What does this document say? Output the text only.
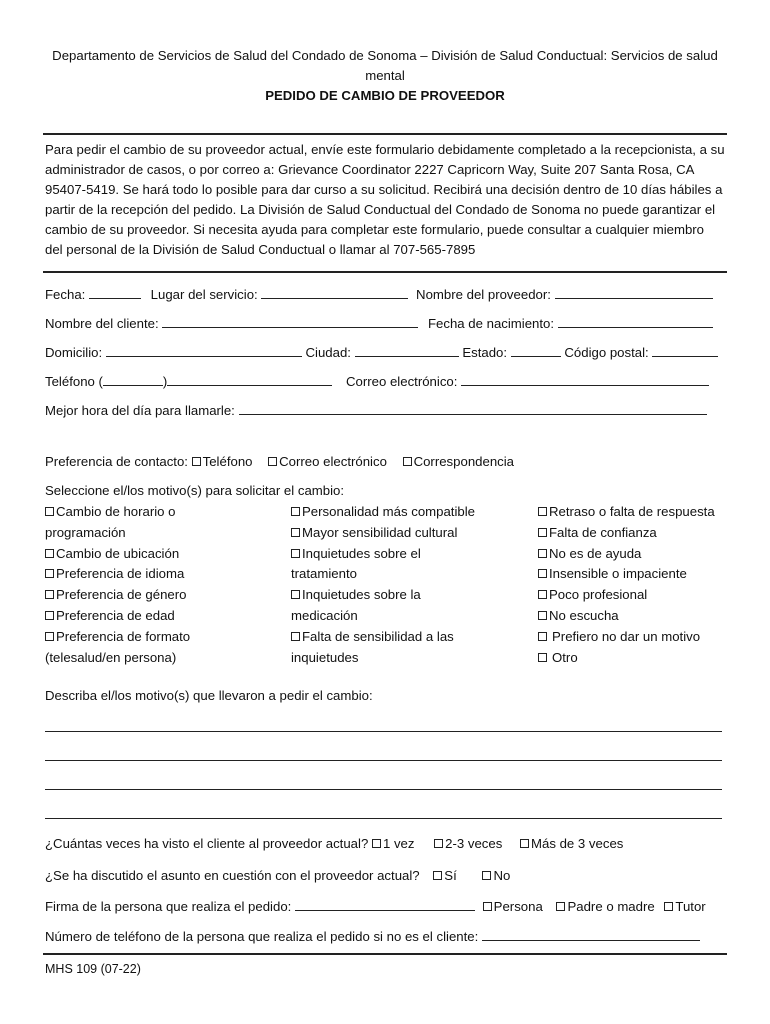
Departamento de Servicios de Salud del Condado de Sonoma – División de Salud Conductual: Servicios de salud mental
PEDIDO DE CAMBIO DE PROVEEDOR
Para pedir el cambio de su proveedor actual, envíe este formulario debidamente completado a la recepcionista, a su administrador de casos, o por correo a: Grievance Coordinator 2227 Capricorn Way, Suite 207 Santa Rosa, CA 95407-5419. Se hará todo lo posible para dar curso a su solicitud. Recibirá una decisión dentro de 10 días hábiles a partir de la recepción del pedido. La División de Salud Conductual del Condado de Sonoma no puede garantizar el cambio de su proveedor. Si necesita ayuda para completar este formulario, puede consultar a cualquier miembro del personal de la División de Salud Conductual o llamar al 707-565-7895
Fecha:	Lugar del servicio:	Nombre del proveedor:
Nombre del cliente:	Fecha de nacimiento:
Domicilio:	Ciudad:	Estado:	Código postal:
Teléfono (	)	Correo electrónico:
Mejor hora del día para llamarle:
Preferencia de contacto: Teléfono Correo electrónico Correspondencia
Seleccione el/los motivo(s) para solicitar el cambio:
Cambio de horario o programación
Cambio de ubicación
Preferencia de idioma
Preferencia de género
Preferencia de edad
Preferencia de formato (telesalud/en persona)
Personalidad más compatible
Mayor sensibilidad cultural
Inquietudes sobre el tratamiento
Inquietudes sobre la medicación
Falta de sensibilidad a las inquietudes
Retraso o falta de respuesta
Falta de confianza
No es de ayuda
Insensible o impaciente
Poco profesional
No escucha
Prefiero no dar un motivo
Otro
Describa el/los motivo(s) que llevaron a pedir el cambio:
¿Cuántas veces ha visto el cliente al proveedor actual? 1 vez 2-3 veces Más de 3 veces
¿Se ha discutido el asunto en cuestión con el proveedor actual? Sí	No
Firma de la persona que realiza el pedido:	Persona Padre o madre Tutor
Número de teléfono de la persona que realiza el pedido si no es el cliente:
MHS 109 (07-22)
